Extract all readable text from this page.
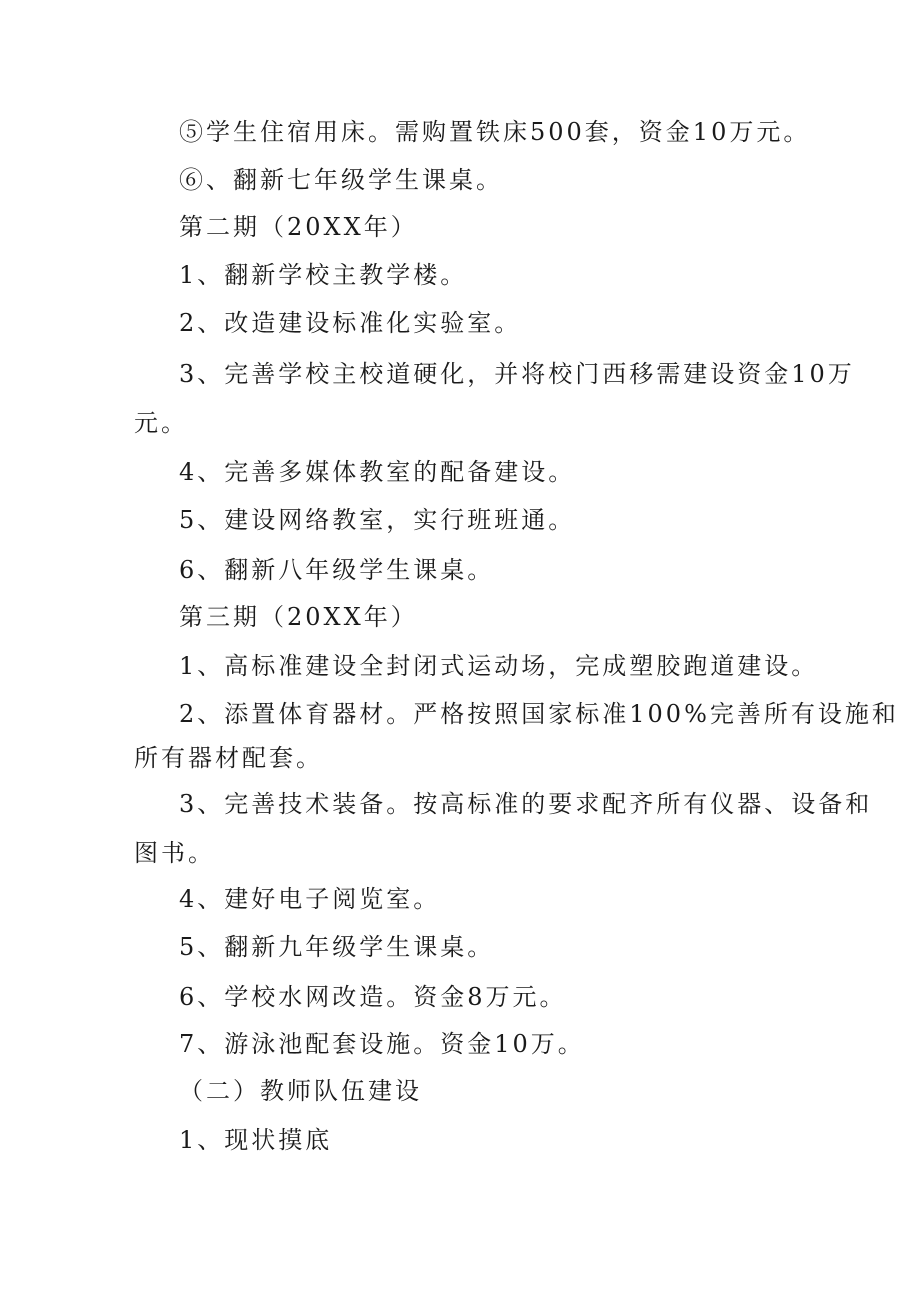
⑤学生住宿用床。需购置铁床500套，资金10万元。
⑥、翻新七年级学生课桌。
第二期（20XX年）
1、翻新学校主教学楼。
2、改造建设标准化实验室。
3、完善学校主校道硬化，并将校门西移需建设资金10万
元。
4、完善多媒体教室的配备建设。
5、建设网络教室，实行班班通。
6、翻新八年级学生课桌。
第三期（20XX年）
1、高标准建设全封闭式运动场，完成塑胶跑道建设。
2、添置体育器材。严格按照国家标准100%完善所有设施和
所有器材配套。
3、完善技术装备。按高标准的要求配齐所有仪器、设备和
图书。
4、建好电子阅览室。
5、翻新九年级学生课桌。
6、学校水网改造。资金8万元。
7、游泳池配套设施。资金10万。
（二）教师队伍建设
1、现状摸底
